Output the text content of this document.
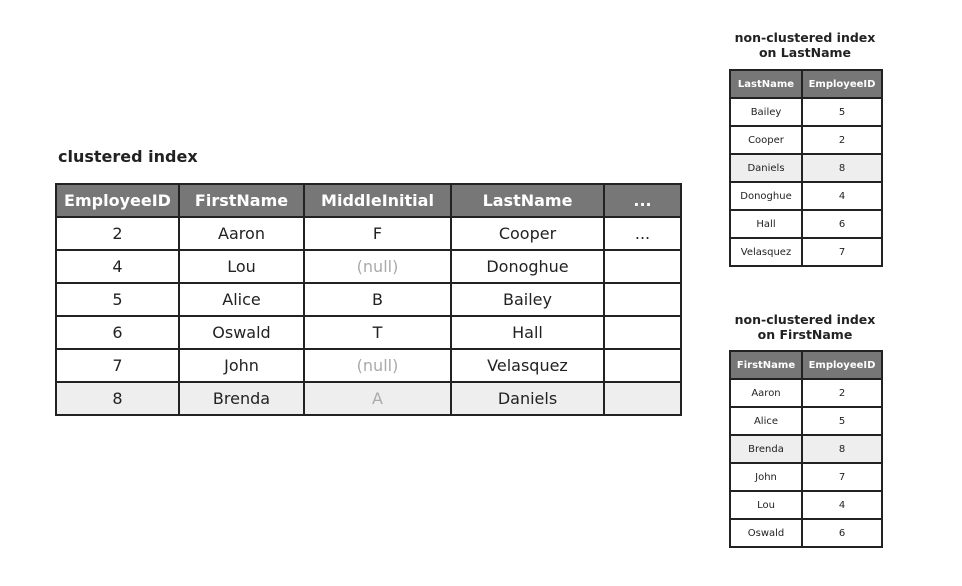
clustered index
EmployeeID	FirstName	MiddleInitial	LastName	...
2	Aaron	F	Cooper	...
4	Lou	(null)	Donoghue	
5	Alice	B	Bailey	
6	Oswald	T	Hall	
7	John	(null)	Velasquez	
8	Brenda	A	Daniels	
non-clustered index
on LastName
LastName	EmployeeID
Bailey	5
Cooper	2
Daniels	8
Donoghue	4
Hall	6
Velasquez	7
non-clustered index
on FirstName
FirstName	EmployeeID
Aaron	2
Alice	5
Brenda	8
John	7
Lou	4
Oswald	6
